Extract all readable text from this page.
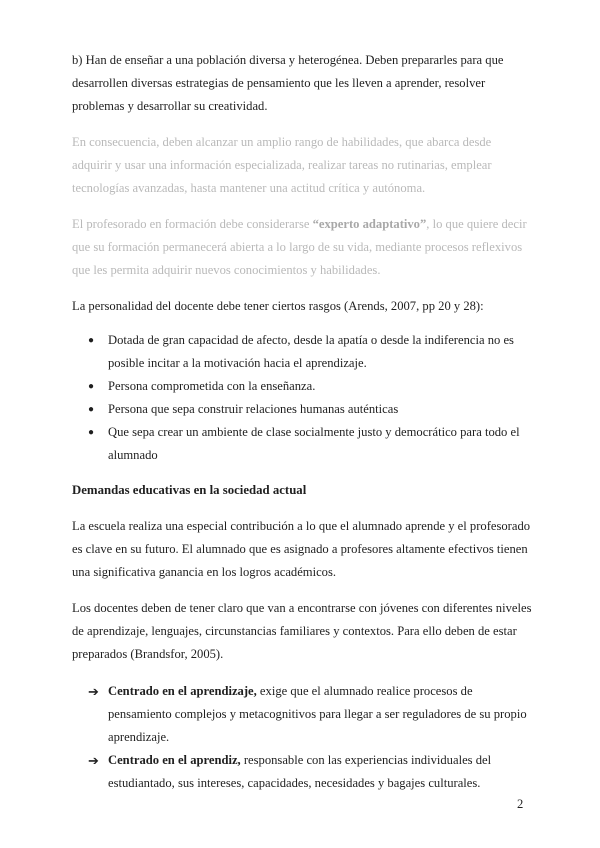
b) Han de enseñar a una población diversa y heterogénea. Deben prepararles para que desarrollen diversas estrategias de pensamiento que les lleven a aprender, resolver problemas y desarrollar su creatividad.

En consecuencia, deben alcanzar un amplio rango de habilidades, que abarca desde adquirir y usar una información especializada, realizar tareas no rutinarias, emplear tecnologías avanzadas, hasta mantener una actitud crítica y autónoma.

El profesorado en formación debe considerarse “experto adaptativo”, lo que quiere decir que su formación permanecerá abierta a lo largo de su vida, mediante procesos reflexivos que les permita adquirir nuevos conocimientos y habilidades.

La personalidad del docente debe tener ciertos rasgos (Arends, 2007, pp 20 y 28):

● Dotada de gran capacidad de afecto, desde la apatía o desde la indiferencia no es posible incitar a la motivación hacia el aprendizaje.
● Persona comprometida con la enseñanza.
● Persona que sepa construir relaciones humanas auténticas
● Que sepa crear un ambiente de clase socialmente justo y democrático para todo el alumnado
Demandas educativas en la sociedad actual

La escuela realiza una especial contribución a lo que el alumnado aprende y el profesorado es clave en su futuro. El alumnado que es asignado a profesores altamente efectivos tienen una significativa ganancia en los logros académicos.

Los docentes deben de tener claro que van a encontrarse con jóvenes con diferentes niveles de aprendizaje, lenguajes, circunstancias familiares y contextos. Para ello deben de estar preparados (Brandsfor, 2005).

➔ Centrado en el aprendizaje, exige que el alumnado realice procesos de pensamiento complejos y metacognitivos para llegar a ser reguladores de su propio aprendizaje.
➔ Centrado en el aprendiz, responsable con las experiencias individuales del estudiantado, sus intereses, capacidades, necesidades y bagajes culturales.
2
